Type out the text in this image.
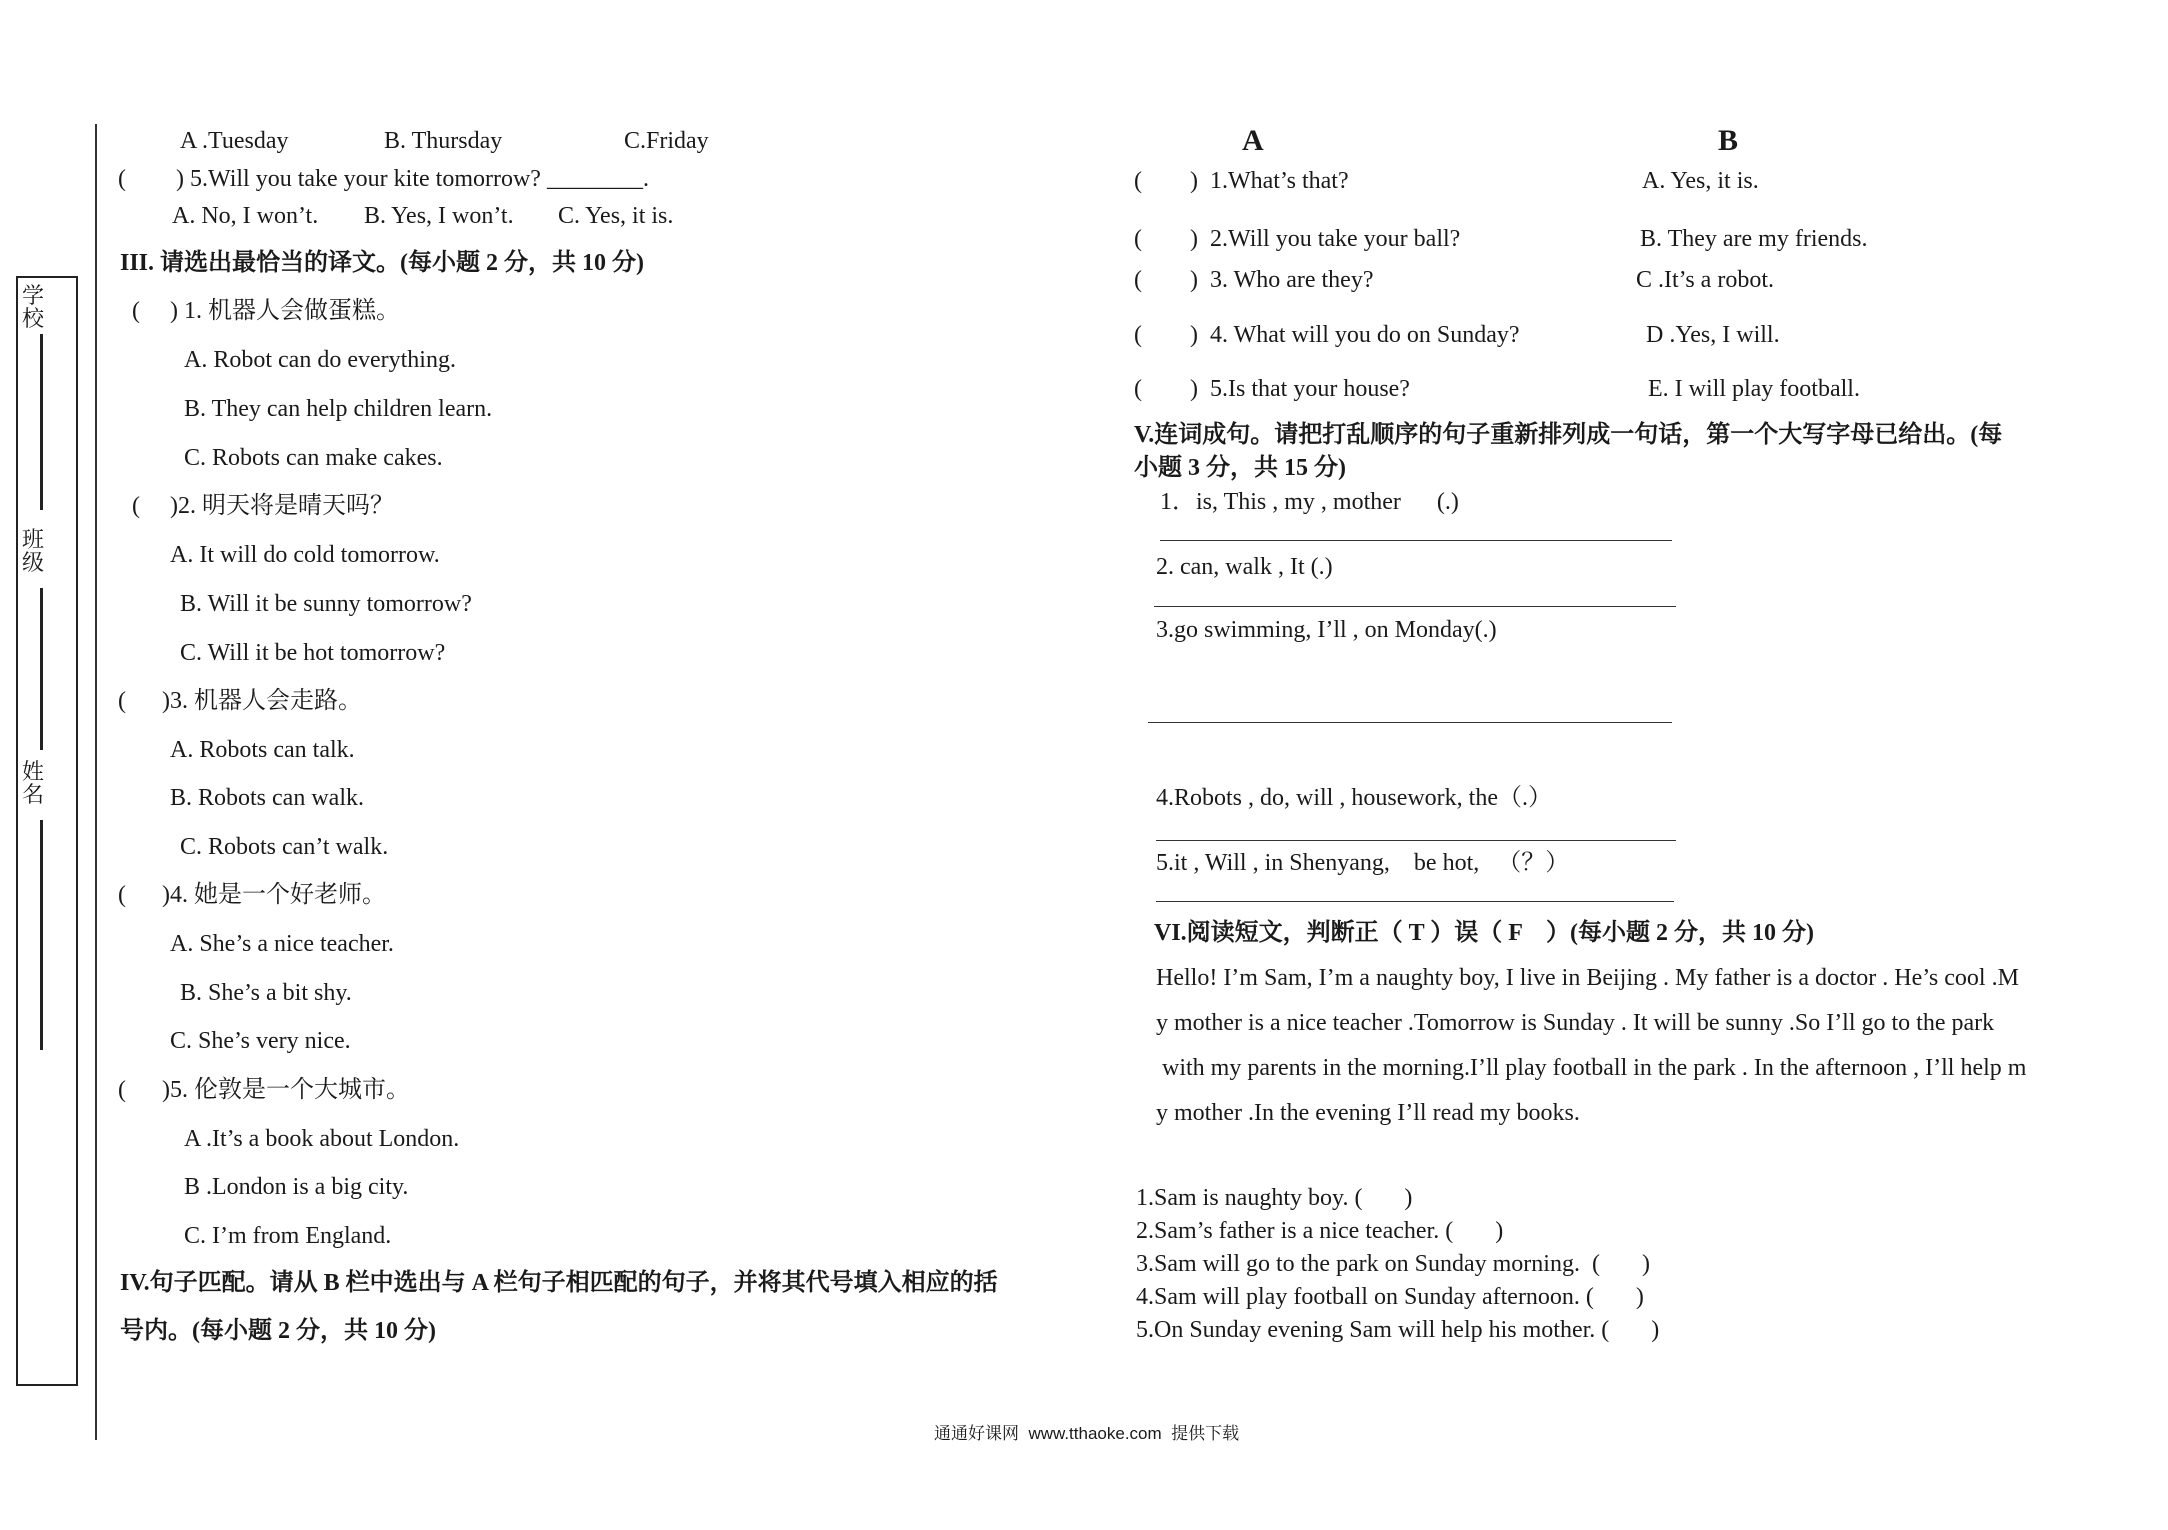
学校
班级
姓名
A .Tuesday	B. Thursday	C.Friday
( ) 5.Will you take your kite tomorrow? ________.
A. No, I won’t. B. Yes, I won’t. C. Yes, it is.
III. 请选出最恰当的译文。(每小题 2 分，共 10 分)
(     ) 1. 机器人会做蛋糕。
A. Robot can do everything.
B. They can help children learn.
C. Robots can make cakes.
(     )2. 明天将是晴天吗？
A. It will do cold tomorrow.
B. Will it be sunny tomorrow?
C. Will it be hot tomorrow?
(      )3. 机器人会走路。
A. Robots can talk.
B. Robots can walk.
C. Robots can’t walk.
(      )4. 她是一个好老师。
A. She’s a nice teacher.
B. She’s a bit shy.
C. She’s very nice.
(      )5. 伦敦是一个大城市。
A .It’s a book about London.
B .London is a big city.
C. I’m from England.
IV.句子匹配。请从 B 栏中选出与 A 栏句子相匹配的句子，并将其代号填入相应的括
号内。(每小题 2 分，共 10 分)
A	B
(        ) 1.What’s that?	A. Yes, it is.
(        ) 2.Will you take your ball?	B. They are my friends.
(        ) 3. Who are they?	C .It’s a robot.
(        ) 4. What will you do on Sunday?	D .Yes, I will.
(        ) 5.Is that your house?	E. I will play football.
V.连词成句。请把打乱顺序的句子重新排列成一句话，第一个大写字母已给出。(每
小题 3 分，共 15 分)
1．is, This , my , mother      (.)
2. can, walk , It (.)
3.go swimming, I’ll , on Monday(.)
4.Robots , do, will , housework, the（.）
5.it , Will , in Shenyang,    be hot,   （？）
VI.阅读短文，判断正（ T ）误（ F    ）(每小题 2 分，共 10 分)
Hello! I’m Sam, I’m a naughty boy, I live in Beijing . My father is a doctor . He’s cool .M
y mother is a nice teacher .Tomorrow is Sunday . It will be sunny .So I’ll go to the park
with my parents in the morning.I’ll play football in the park . In the afternoon , I’ll help m
y mother .In the evening I’ll read my books.
1.Sam is naughty boy. (       )
2.Sam’s father is a nice teacher. (       )
3.Sam will go to the park on Sunday morning.  (       )
4.Sam will play football on Sunday afternoon. (       )
5.On Sunday evening Sam will help his mother. (       )
通通好课网  www.tthaoke.com  提供下载
